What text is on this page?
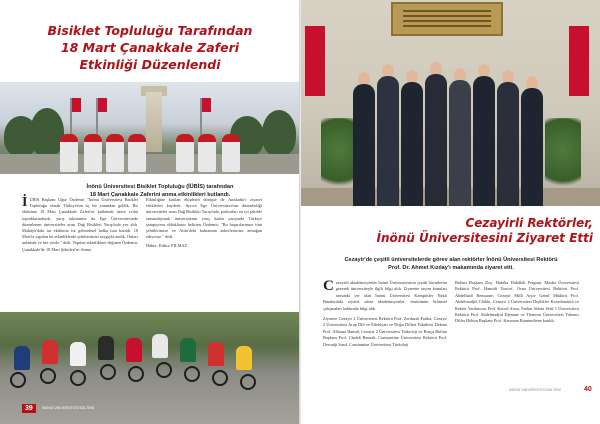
Bisiklet Topluluğu Tarafından
18 Mart Çanakkale Zaferi
Etkinliği Düzenlendi
İnönü Üniversitesi Bisiklet Topluluğu (İÜBİS) tarafından
18 Mart Çanakkale Zaferini anma etkinlikleri kutlandı.
İ ÜBİS Başkanı Uğur Özdemir "İnönü Üniversitesi Bisiklet Topluluğu olarak Türkiye'nin üç bir yanından geldik. Bir ekibimiz 18 Mart Çanakkale Zaferi'ni kutlamak üzere ecdat topraklarındaydı, yarış takımımız da Ege Üniversitesinde düzenlenen üniversiteler arası Dağ Bisikleti Yarışı'nda yer aldı. Malatya'daki tur ekibimiz ise geleneksel halka tura katıldı. 18 Mart'ta yapılan bu etkinliklerde şehitlerimizi saygıyla andık. Onları anlamak ve her yerde," dedi. Yapılan etkinliklere değinen Özdemir, Çanakkale'de 18 Mart Şehitleri'ni Anma
Etkinliğine katılan ekiplerin dönüşte de Anıtkabir'i ziyaret ettiklerini kaydetti. Ayrıca Ege Üniversitesi'nin düzenlediği üniversiteler arası Dağ Bisikleti Yarışı'nda, parkurları en iyi şekilde tamamlayarak üniversitenin yarış kadın yarışında Türkiye şampiyonu olduklarını belirten Özdemir, "Bu başarılarımızı tüm şehitlerimize ve Atini'deki kahraman askerlerimize armağan ediyoruz." dedi.
Haber: Kübra YILMAZ
39	İNÖNÜ ÜNİVERSİTESİ BÜLTENİ
Cezayirli Rektörler,
İnönü Üniversitesini Ziyaret Etti
Cezayir'de çeşitli üniversitelerde görev alan rektörler İnönü Üniversitesi Rektörü
Prof. Dr. Ahmet Kızılay'ı makamında ziyaret etti.
C ezayirli akademisyenler İnönü Üniversitesinin çeşitli birimlerini gezerek üniversiteyle ilgili bilgi aldı. Ziyarette seçim konuları arasında yer alan İnönü Üniversitesi Kampüsler Nakli Binalardaki ziyaret adım akademisyenler, enstitünün bilimsel çalışmaları hakkında bilgi aldı.
Ziyarete Cezayir 2 Üniversitesi Rektörü Prof. Zerdazni Fatiha, Cezayir 2 Üniversitesi Arap Dili ve Edebiyatı ve Doğu Dilleri Fakültesi Dekanı Prof. Allaoua Hamid, Cezayir 2 Üniversitesi Türkoloji ve Rusça Bölüm Başkanı Prof. Chaleb Bensalt, Constantine Üniversitesi Rektörü Prof. Derradji Saad, Constantine Üniversitesi Türkoloji
Bölüm Başkanı Doç. Habiba Didallah Ferguni, Maska Üniversitesi Rektörü Prof. Hamidi Youcef, Oran Üniversitesi Rektörü Prof. Abdelhadi Bensaane, Cezayir Milli Arşiv Genel Müdürü Prof. Abdelmadjid Chikhi, Cezayir 2 Üniversitesi Dışilikler Koordinatörü ve Rektör Yardımcısı Prof. Kaced Aissa, Farhat Abbas Sétif 1 Üniversitesi Rektörü Prof. Abdelmadjid Djenane ve Tlemcen Üniversitesi Yabancı Diller Bölüm Başkanı Prof. Karroum Boumediene katıldı.
İNÖNÜ ÜNİVERSİTESİ BÜLTENİ	40
